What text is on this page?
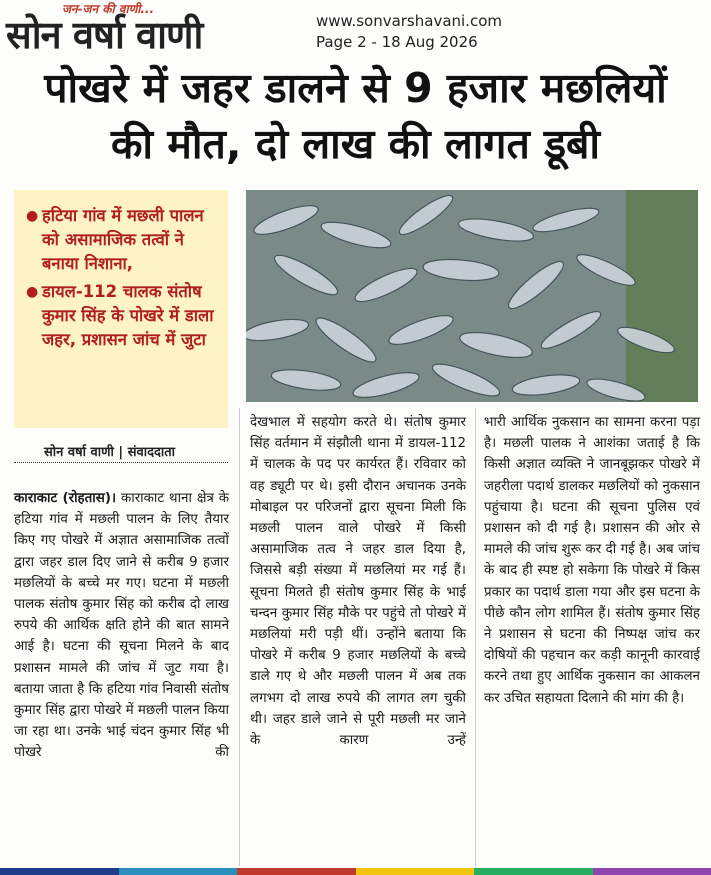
जन-जन की वाणी...
सोन वर्षा वाणी	www.sonvarshavani.com
Page 2 - 18 Aug 2026
पोखरे में जहर डालने से 9 हजार मछलियों
की मौत, दो लाख की लागत डूबी
● हटिया गांव में मछली पालन को असामाजिक तत्वों ने बनाया निशाना,
● डायल-112 चालक संतोष कुमार सिंह के पोखरे में डाला जहर, प्रशासन जांच में जुटा
सोन वर्षा वाणी | संवाददाता

काराकाट (रोहतास)। काराकाट थाना क्षेत्र के हटिया गांव में मछली पालन के लिए तैयार किए गए पोखरे में अज्ञात असामाजिक तत्वों द्वारा जहर डाल दिए जाने से करीब 9 हजार मछलियों के बच्चे मर गए। घटना में मछली पालक संतोष कुमार सिंह को करीब दो लाख रुपये की आर्थिक क्षति होने की बात सामने आई है। घटना की सूचना मिलने के बाद प्रशासन मामले की जांच में जुट गया है। बताया जाता है कि हटिया गांव निवासी संतोष कुमार सिंह द्वारा पोखरे में मछली पालन किया जा रहा था। उनके भाई चंदन कुमार सिंह भी पोखरे की

देखभाल में सहयोग करते थे। संतोष कुमार सिंह वर्तमान में संझौली थाना में डायल-112 में चालक के पद पर कार्यरत हैं। रविवार को वह ड्यूटी पर थे। इसी दौरान अचानक उनके मोबाइल पर परिजनों द्वारा सूचना मिली कि मछली पालन वाले पोखरे में किसी असामाजिक तत्व ने जहर डाल दिया है, जिससे बड़ी संख्या में मछलियां मर गई हैं। सूचना मिलते ही संतोष कुमार सिंह के भाई चन्दन कुमार सिंह मौके पर पहुंचे तो पोखरे में मछलियां मरी पड़ी थीं। उन्होंने बताया कि पोखरे में करीब 9 हजार मछलियों के बच्चे डाले गए थे और मछली पालन में अब तक लगभग दो लाख रुपये की लागत लग चुकी थी। जहर डाले जाने से पूरी मछली मर जाने के कारण उन्हें

भारी आर्थिक नुकसान का सामना करना पड़ा है। मछली पालक ने आशंका जताई है कि किसी अज्ञात व्यक्ति ने जानबूझकर पोखरे में जहरीला पदार्थ डालकर मछलियों को नुकसान पहुंचाया है। घटना की सूचना पुलिस एवं प्रशासन को दी गई है। प्रशासन की ओर से मामले की जांच शुरू कर दी गई है। अब जांच के बाद ही स्पष्ट हो सकेगा कि पोखरे में किस प्रकार का पदार्थ डाला गया और इस घटना के पीछे कौन लोग शामिल हैं। संतोष कुमार सिंह ने प्रशासन से घटना की निष्पक्ष जांच कर दोषियों की पहचान कर कड़ी कानूनी कारवाई करने तथा हुए आर्थिक नुकसान का आकलन कर उचित सहायता दिलाने की मांग की है।
